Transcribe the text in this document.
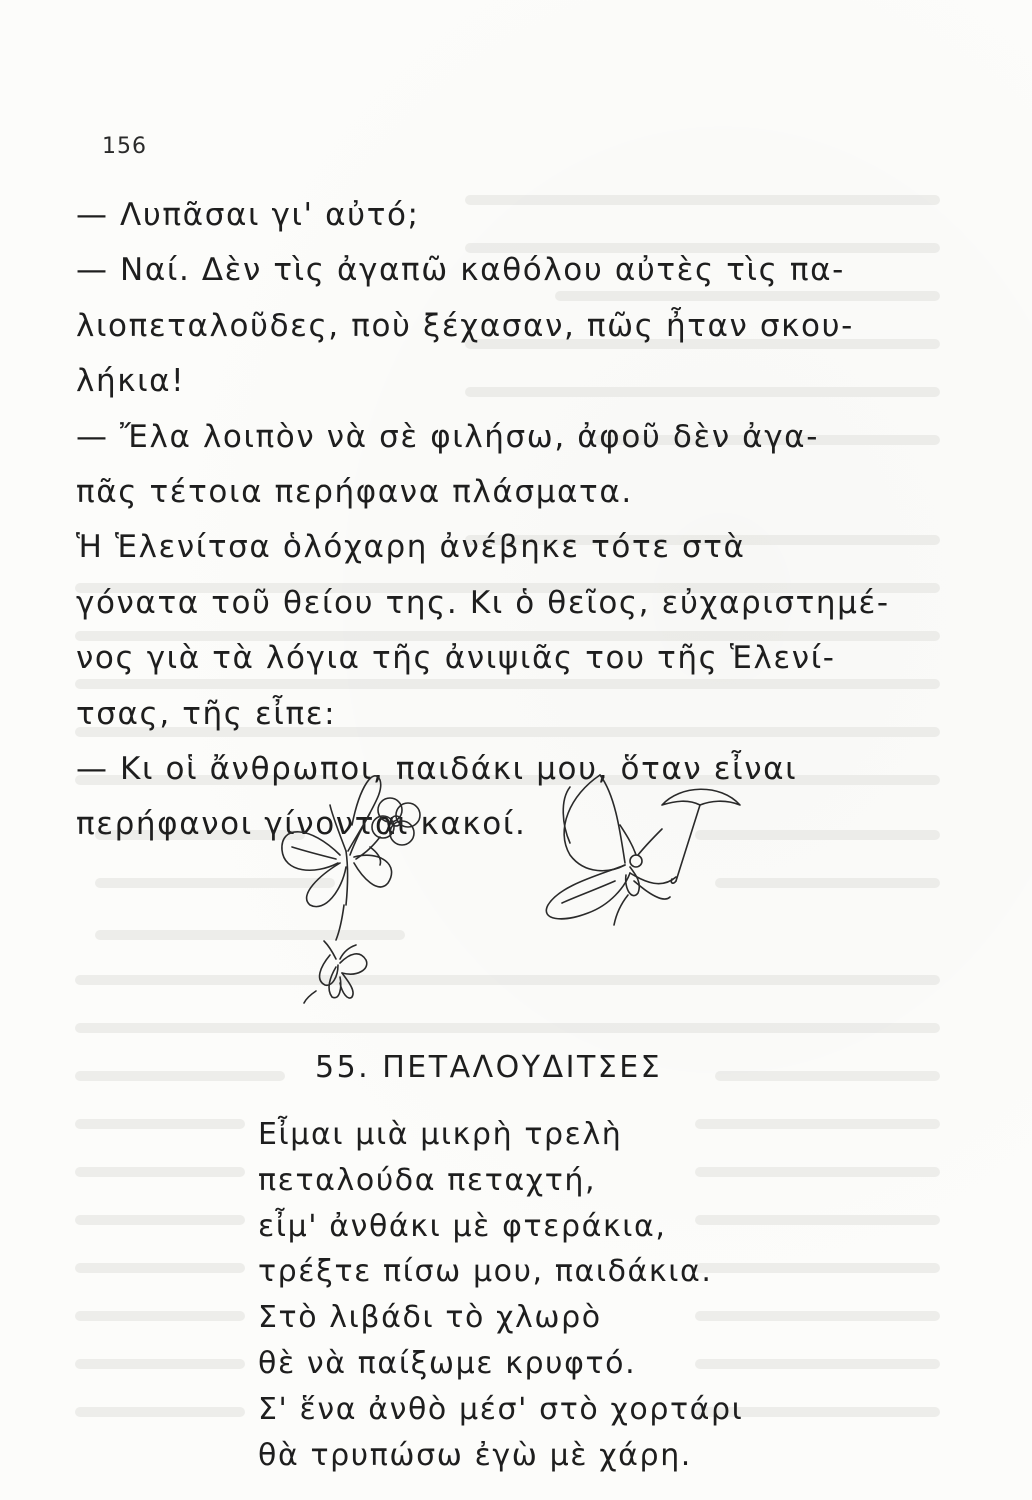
156
— Λυπᾶσαι γι' αὐτό;
— Ναί. Δὲν τὶς ἀγαπῶ καθόλου αὐτὲς τὶς πα-
λιοπεταλοῦδες, ποὺ ξέχασαν, πῶς ἦταν σκου-
λήκια!
— Ἔλα λοιπὸν νὰ σὲ φιλήσω, ἀφοῦ δὲν ἀγα-
πᾶς τέτοια περήφανα πλάσματα.
Ἡ Ἑλενίτσα ὁλόχαρη ἀνέβηκε τότε στὰ
γόνατα τοῦ θείου της. Κι ὁ θεῖος, εὐχαριστημέ-
νος γιὰ τὰ λόγια τῆς ἀνιψιᾶς του τῆς Ἑλενί-
τσας, τῆς εἶπε:
— Κι οἱ ἄνθρωποι, παιδάκι μου, ὅταν εἶναι
περήφανοι γίνονται κακοί.
55. ΠΕΤΑΛΟΥΔΙΤΣΕΣ
Εἶμαι μιὰ μικρὴ τρελὴ
πεταλούδα πεταχτή,
εἶμ' ἀνθάκι μὲ φτεράκια,
τρέξτε πίσω μου, παιδάκια.
Στὸ λιβάδι τὸ χλωρὸ
θὲ νὰ παίξωμε κρυφτό.
Σ' ἕνα ἀνθὸ μέσ' στὸ χορτάρι
θὰ τρυπώσω ἐγὼ μὲ χάρη.
